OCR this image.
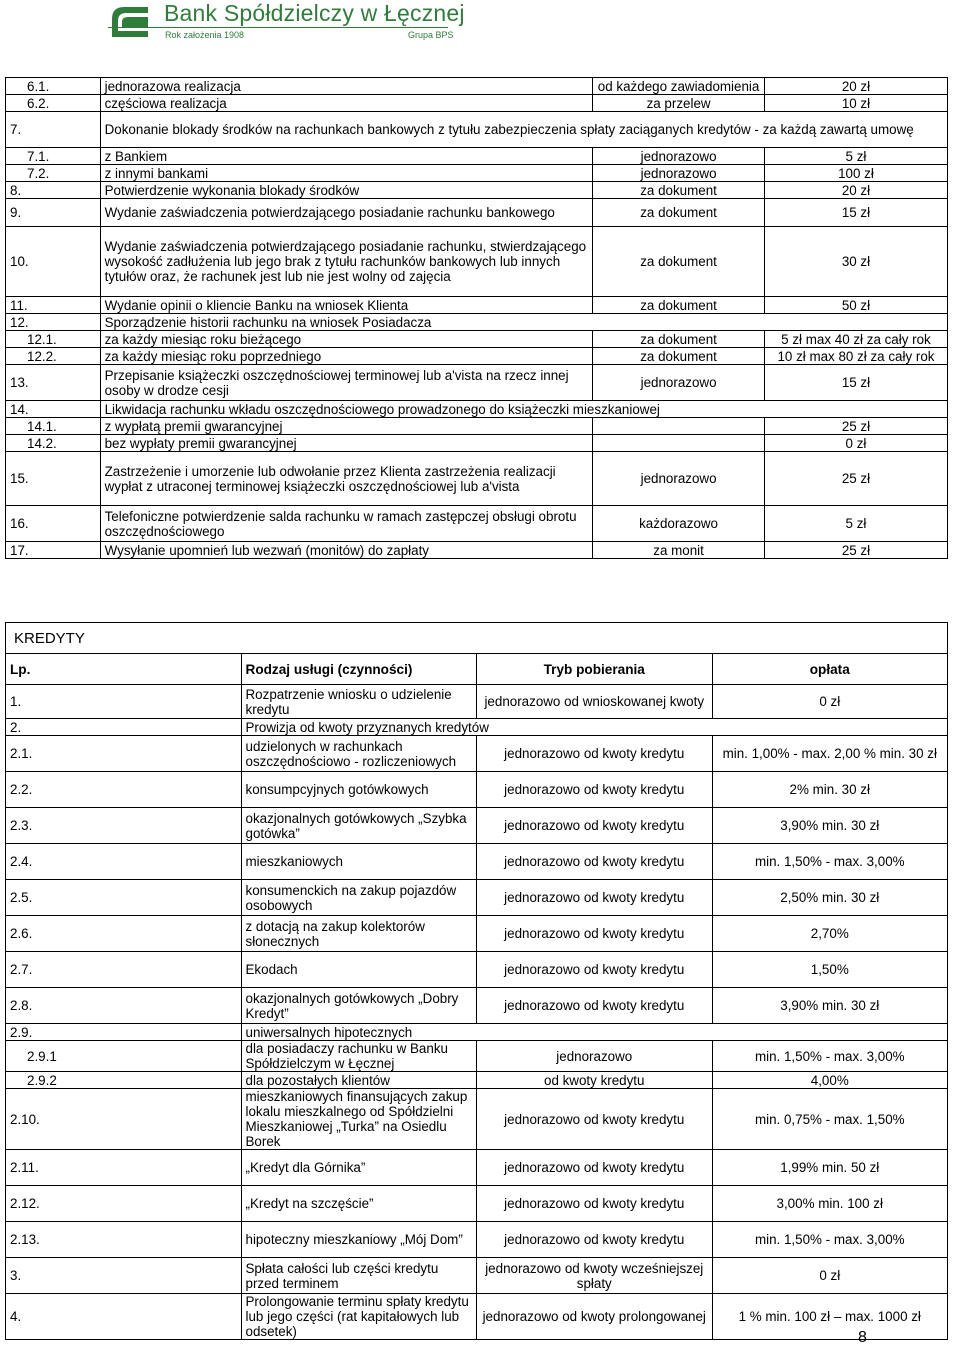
Bank Spółdzielczy w Łęcznej
Rok założenia 1908	Grupa BPS
6.1.	jednorazowa realizacja	od każdego zawiadomienia	20 zł
6.2.	częściowa realizacja	za przelew	10 zł
7.	Dokonanie blokady środków na rachunkach bankowych z tytułu zabezpieczenia spłaty zaciąganych kredytów - za każdą zawartą umowę		
7.1.	z Bankiem	jednorazowo	5 zł
7.2.	z innymi bankami	jednorazowo	100 zł
8.	Potwierdzenie wykonania blokady środków	za dokument	20 zł
9.	Wydanie zaświadczenia potwierdzającego posiadanie rachunku bankowego	za dokument	15 zł
10.	Wydanie zaświadczenia potwierdzającego posiadanie rachunku, stwierdzającego wysokość zadłużenia lub jego brak z tytułu rachunków bankowych lub innych tytułów oraz, że rachunek jest lub nie jest wolny od zajęcia	za dokument	30 zł
11.	Wydanie opinii o kliencie Banku na wniosek Klienta	za dokument	50 zł
12.	Sporządzenie historii rachunku na wniosek Posiadacza		
12.1.	za każdy miesiąc roku bieżącego	za dokument	5 zł max 40 zł za cały rok
12.2.	za każdy miesiąc roku poprzedniego	za dokument	10 zł max 80 zł za cały rok
13.	Przepisanie książeczki oszczędnościowej terminowej lub a'vista na rzecz innej osoby w drodze cesji	jednorazowo	15 zł
14.	Likwidacja rachunku wkładu oszczędnościowego prowadzonego do książeczki mieszkaniowej		
14.1.	z wypłatą premii gwarancyjnej		25 zł
14.2.	bez wypłaty premii gwarancyjnej		0 zł
15.	Zastrzeżenie i umorzenie lub odwołanie przez Klienta zastrzeżenia realizacji wypłat z utraconej terminowej książeczki oszczędnościowej lub a'vista	jednorazowo	25 zł
16.	Telefoniczne potwierdzenie salda rachunku w ramach zastępczej obsługi obrotu oszczędnościowego	każdorazowo	5 zł
17.	Wysyłanie upomnień lub wezwań (monitów) do zapłaty	za monit	25 zł
KREDYTY			
Lp.	Rodzaj usługi (czynności)	Tryb pobierania	opłata
1.	Rozpatrzenie wniosku o udzielenie kredytu	jednorazowo od wnioskowanej kwoty	0 zł
2.	Prowizja od kwoty przyznanych kredytów		
2.1.	udzielonych w rachunkach oszczędnościowo - rozliczeniowych	jednorazowo od kwoty kredytu	min. 1,00% - max. 2,00 % min. 30 zł
2.2.	konsumpcyjnych gotówkowych	jednorazowo od kwoty kredytu	2% min. 30 zł
2.3.	okazjonalnych gotówkowych „Szybka gotówka”	jednorazowo od kwoty kredytu	3,90% min. 30 zł
2.4.	mieszkaniowych	jednorazowo od kwoty kredytu	min. 1,50% - max. 3,00%
2.5.	konsumenckich na zakup pojazdów osobowych	jednorazowo od kwoty kredytu	2,50% min. 30 zł
2.6.	z dotacją na zakup kolektorów słonecznych	jednorazowo od kwoty kredytu	2,70%
2.7.	Ekodach	jednorazowo od kwoty kredytu	1,50%
2.8.	okazjonalnych gotówkowych „Dobry Kredyt”	jednorazowo od kwoty kredytu	3,90% min. 30 zł
2.9.	uniwersalnych hipotecznych		
2.9.1	dla posiadaczy rachunku w Banku Spółdzielczym w Łęcznej	jednorazowo	min. 1,50% - max. 3,00%
2.9.2	dla pozostałych klientów	od kwoty kredytu	4,00%
2.10.	mieszkaniowych finansujących zakup lokalu mieszkalnego od Spółdzielni Mieszkaniowej „Turka” na Osiedlu Borek	jednorazowo od kwoty kredytu	min. 0,75% - max. 1,50%
2.11.	„Kredyt dla Górnika”	jednorazowo od kwoty kredytu	1,99% min. 50 zł
2.12.	„Kredyt na szczęście”	jednorazowo od kwoty kredytu	3,00% min. 100 zł
2.13.	hipoteczny mieszkaniowy „Mój Dom”	jednorazowo od kwoty kredytu	min. 1,50% - max. 3,00%
3.	Spłata całości lub części kredytu przed terminem	jednorazowo od kwoty wcześniejszej spłaty	0 zł
4.	Prolongowanie terminu spłaty kredytu lub jego części (rat kapitałowych lub odsetek)	jednorazowo od kwoty prolongowanej	1 % min. 100 zł – max. 1000 zł
8
